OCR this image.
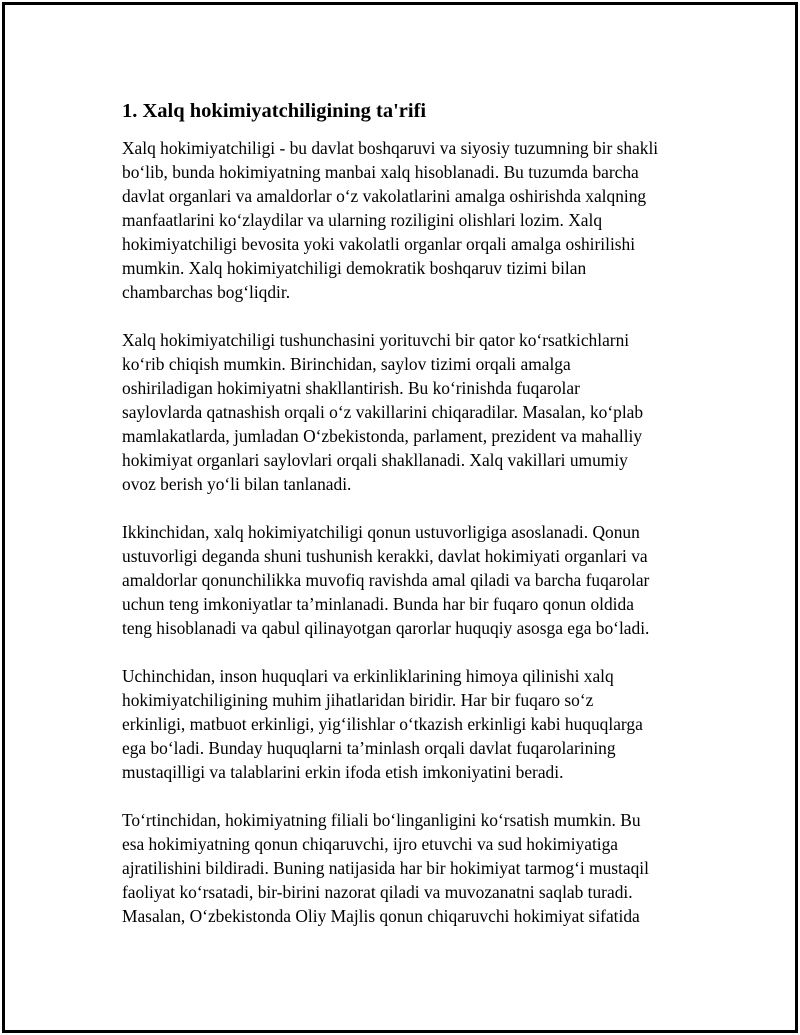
1. Xalq hokimiyatchiligining ta'rifi
Xalq hokimiyatchiligi - bu davlat boshqaruvi va siyosiy tuzumning bir shakli
bo‘lib, bunda hokimiyatning manbai xalq hisoblanadi. Bu tuzumda barcha
davlat organlari va amaldorlar o‘z vakolatlarini amalga oshirishda xalqning
manfaatlarini ko‘zlaydilar va ularning roziligini olishlari lozim. Xalq
hokimiyatchiligi bevosita yoki vakolatli organlar orqali amalga oshirilishi
mumkin. Xalq hokimiyatchiligi demokratik boshqaruv tizimi bilan
chambarchas bog‘liqdir.
Xalq hokimiyatchiligi tushunchasini yorituvchi bir qator ko‘rsatkichlarni
ko‘rib chiqish mumkin. Birinchidan, saylov tizimi orqali amalga
oshiriladigan hokimiyatni shakllantirish. Bu ko‘rinishda fuqarolar
saylovlarda qatnashish orqali o‘z vakillarini chiqaradilar. Masalan, ko‘plab
mamlakatlarda, jumladan O‘zbekistonda, parlament, prezident va mahalliy
hokimiyat organlari saylovlari orqali shakllanadi. Xalq vakillari umumiy
ovoz berish yo‘li bilan tanlanadi.
Ikkinchidan, xalq hokimiyatchiligi qonun ustuvorligiga asoslanadi. Qonun
ustuvorligi deganda shuni tushunish kerakki, davlat hokimiyati organlari va
amaldorlar qonunchilikka muvofiq ravishda amal qiladi va barcha fuqarolar
uchun teng imkoniyatlar ta’minlanadi. Bunda har bir fuqaro qonun oldida
teng hisoblanadi va qabul qilinayotgan qarorlar huquqiy asosga ega bo‘ladi.
Uchinchidan, inson huquqlari va erkinliklarining himoya qilinishi xalq
hokimiyatchiligining muhim jihatlaridan biridir. Har bir fuqaro so‘z
erkinligi, matbuot erkinligi, yig‘ilishlar o‘tkazish erkinligi kabi huquqlarga
ega bo‘ladi. Bunday huquqlarni ta’minlash orqali davlat fuqarolarining
mustaqilligi va talablarini erkin ifoda etish imkoniyatini beradi.
To‘rtinchidan, hokimiyatning filiali bo‘linganligini ko‘rsatish mumkin. Bu
esa hokimiyatning qonun chiqaruvchi, ijro etuvchi va sud hokimiyatiga
ajratilishini bildiradi. Buning natijasida har bir hokimiyat tarmog‘i mustaqil
faoliyat ko‘rsatadi, bir-birini nazorat qiladi va muvozanatni saqlab turadi.
Masalan, O‘zbekistonda Oliy Majlis qonun chiqaruvchi hokimiyat sifatida
